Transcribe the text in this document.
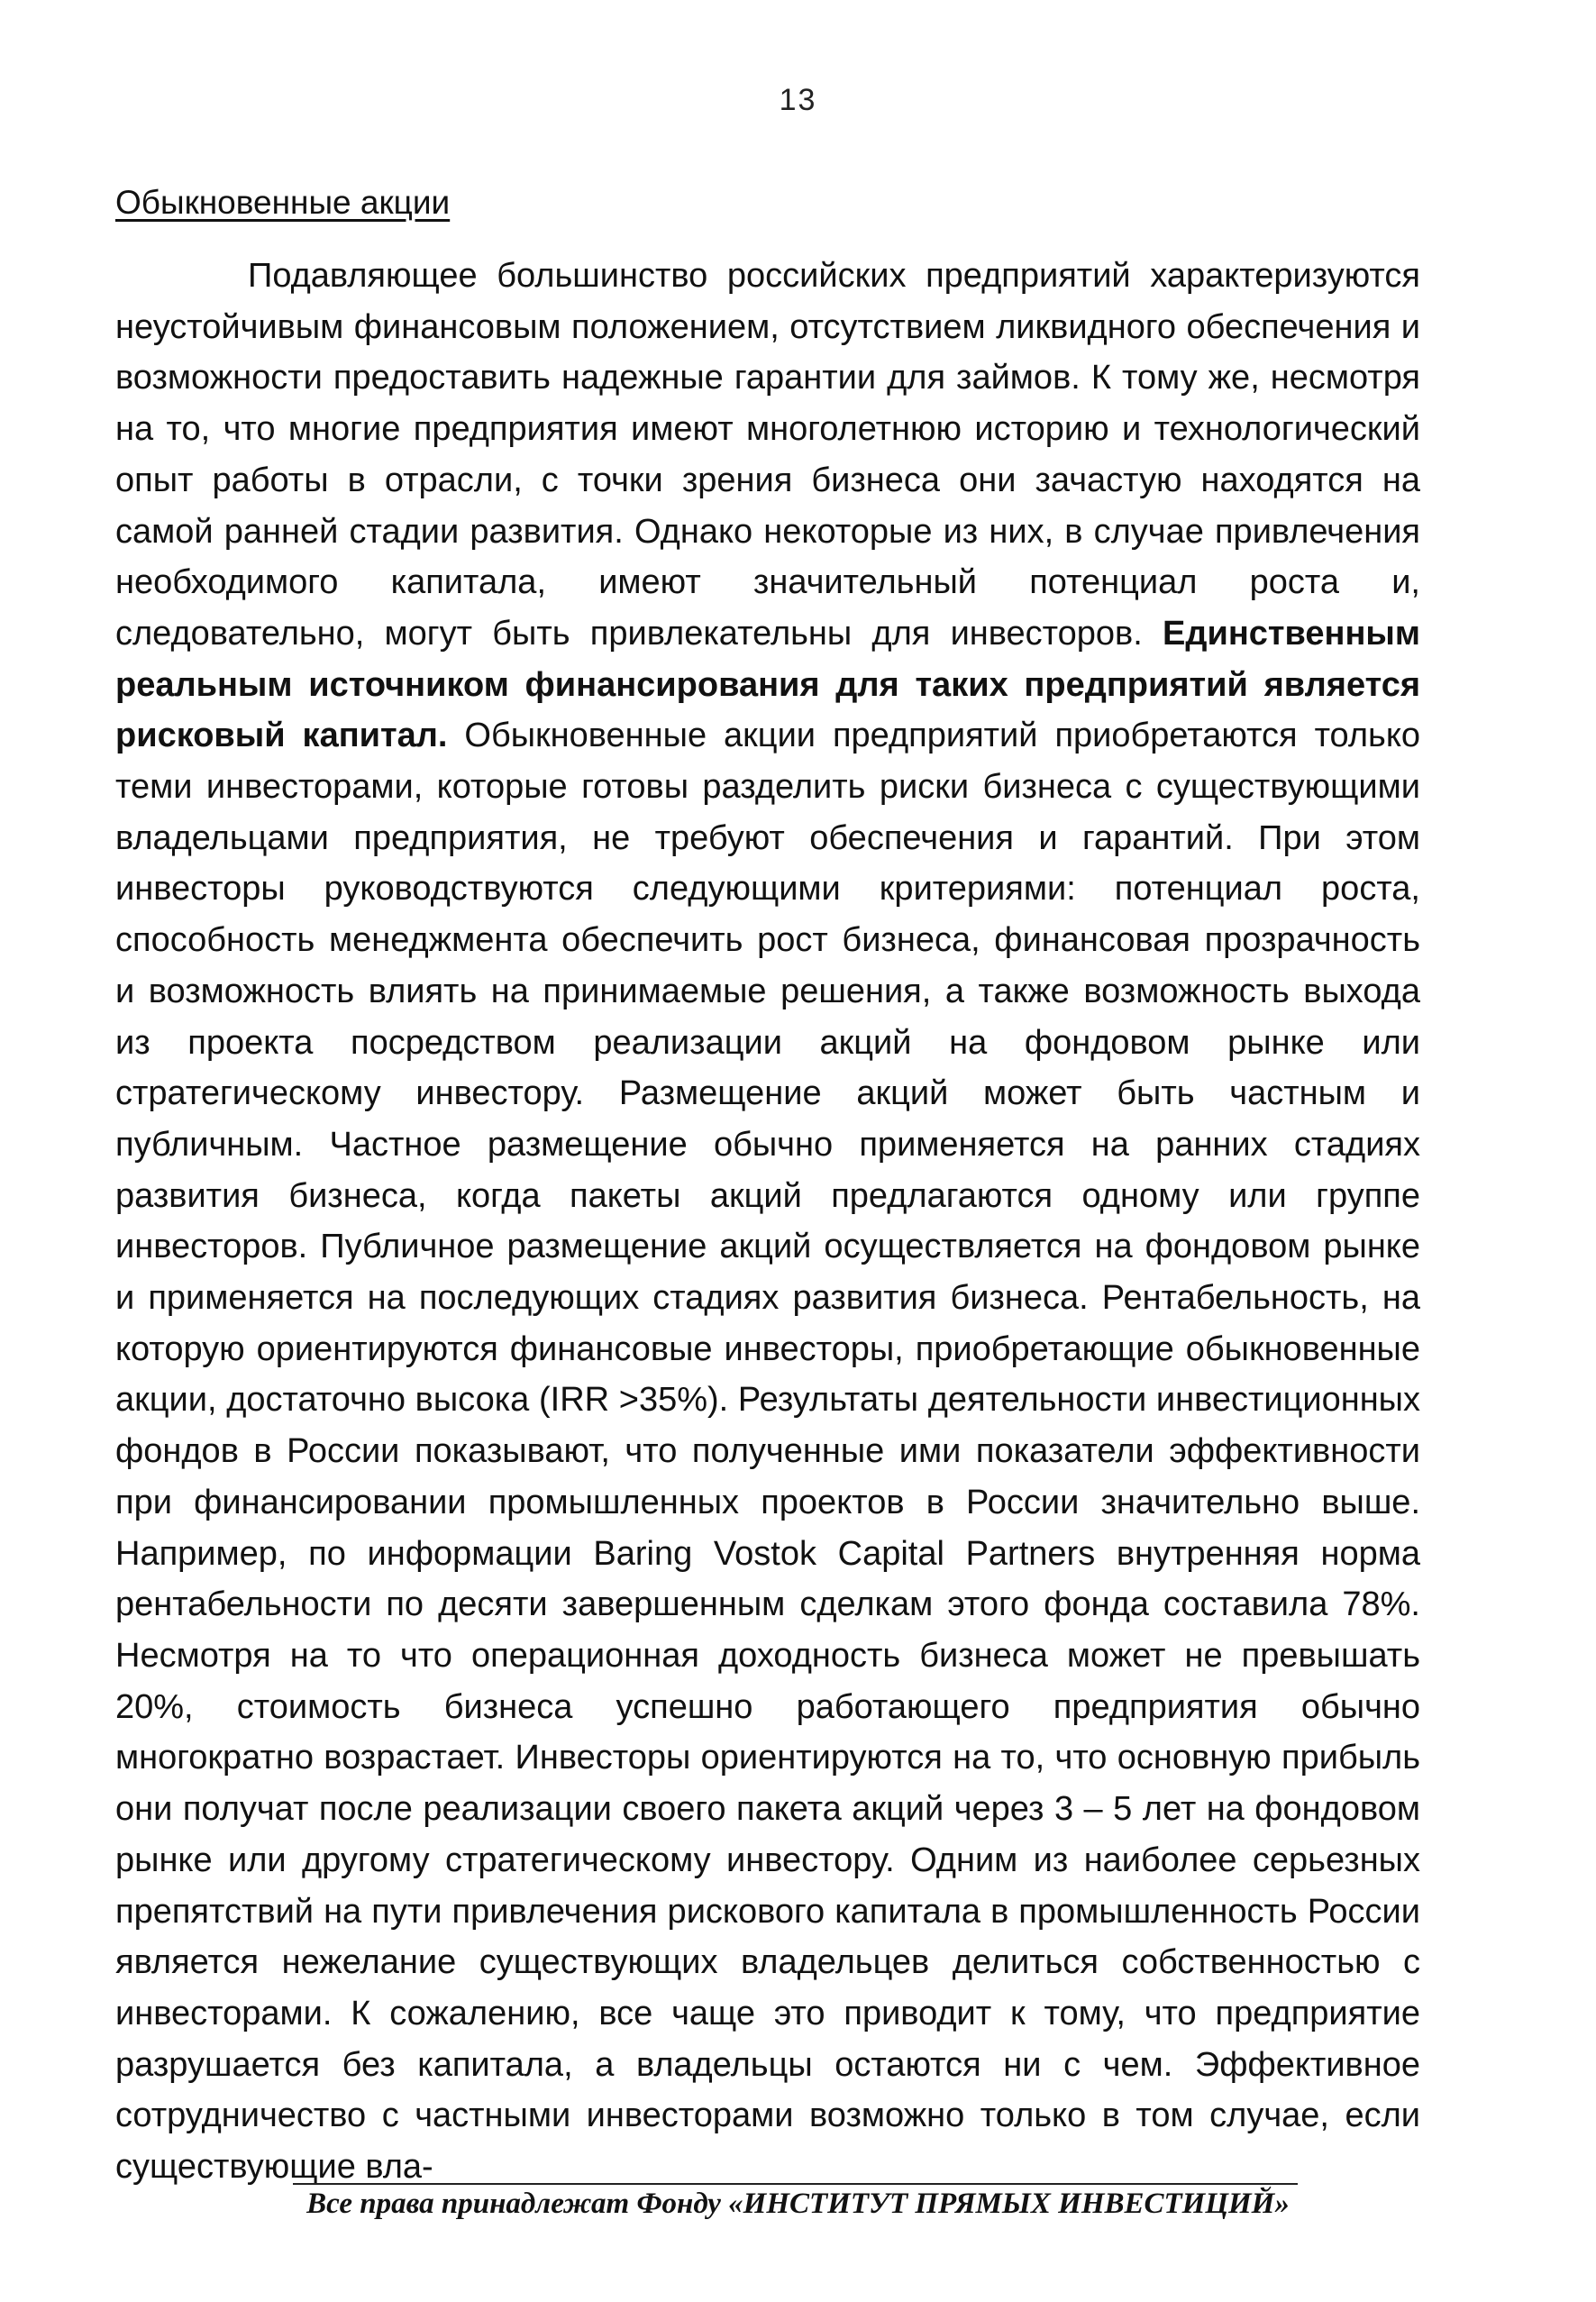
13
Обыкновенные акции

Подавляющее большинство российских предприятий характеризуются неустойчивым финансовым положением, отсутствием ликвидного обеспечения и возможности предоставить надежные гарантии для займов. К тому же, несмотря на то, что многие предприятия имеют многолетнюю историю и технологический опыт работы в отрасли, с точки зрения бизнеса они зачастую находятся на самой ранней стадии развития. Однако некоторые из них, в случае привлечения необходимого капитала, имеют значительный потенциал роста и, следовательно, могут быть привлекательны для инвесторов. Единственным реальным источником финансирования для таких предприятий является рисковый капитал. Обыкновенные акции предприятий приобретаются только теми инвесторами, которые готовы разделить риски бизнеса с существующими владельцами предприятия, не требуют обеспечения и гарантий. При этом инвесторы руководствуются следующими критериями: потенциал роста, способность менеджмента обеспечить рост бизнеса, финансовая прозрачность и возможность влиять на принимаемые решения, а также возможность выхода из проекта посредством реализации акций на фондовом рынке или стратегическому инвестору. Размещение акций может быть частным и публичным. Частное размещение обычно применяется на ранних стадиях развития бизнеса, когда пакеты акций предлагаются одному или группе инвесторов. Публичное размещение акций осуществляется на фондовом рынке и применяется на последующих стадиях развития бизнеса. Рентабельность, на которую ориентируются финансовые инвесторы, приобретающие обыкновенные акции, достаточно высока (IRR >35%). Результаты деятельности инвестиционных фондов в России показывают, что полученные ими показатели эффективности при финансировании промышленных проектов в России значительно выше. Например, по информации Baring Vostok Capital Partners внутренняя норма рентабельности по десяти завершенным сделкам этого фонда составила 78%. Несмотря на то что операционная доходность бизнеса может не превышать 20%, стоимость бизнеса успешно работающего предприятия обычно многократно возрастает. Инвесторы ориентируются на то, что основную прибыль они получат после реализации своего пакета акций через 3 – 5 лет на фондовом рынке или другому стратегическому инвестору. Одним из наиболее серьезных препятствий на пути привлечения рискового капитала в промышленность России является нежелание существующих владельцев делиться собственностью с инвесторами. К сожалению, все чаще это приводит к тому, что предприятие разрушается без капитала, а владельцы остаются ни с чем. Эффективное сотрудничество с частными инвесторами возможно только в том случае, если существующие вла-

Все права принадлежат Фонду «ИНСТИТУТ ПРЯМЫХ ИНВЕСТИЦИЙ»
